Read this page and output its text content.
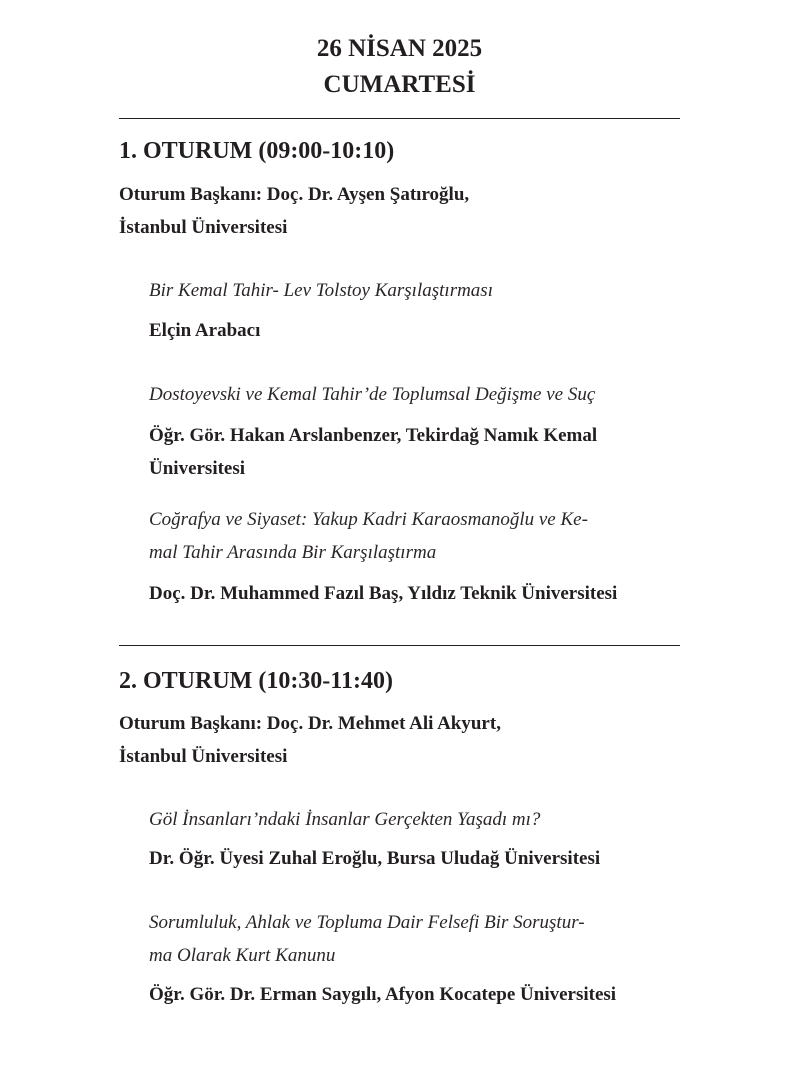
26 NİSAN 2025
CUMARTESİ
1. OTURUM (09:00-10:10)
Oturum Başkanı: Doç. Dr. Ayşen Şatıroğlu,
İstanbul Üniversitesi
Bir Kemal Tahir- Lev Tolstoy Karşılaştırması
Elçin Arabacı
Dostoyevski ve Kemal Tahir’de Toplumsal Değişme ve Suç
Öğr. Gör. Hakan Arslanbenzer, Tekirdağ Namık Kemal
Üniversitesi
Coğrafya ve Siyaset: Yakup Kadri Karaosmanoğlu ve Ke-
mal Tahir Arasında Bir Karşılaştırma
Doç. Dr. Muhammed Fazıl Baş, Yıldız Teknik Üniversitesi
2. OTURUM (10:30-11:40)
Oturum Başkanı: Doç. Dr. Mehmet Ali Akyurt,
İstanbul Üniversitesi
Göl İnsanları’ndaki İnsanlar Gerçekten Yaşadı mı?
Dr. Öğr. Üyesi Zuhal Eroğlu, Bursa Uludağ Üniversitesi
Sorumluluk, Ahlak ve Topluma Dair Felsefi Bir Soruştur-
ma Olarak Kurt Kanunu
Öğr. Gör. Dr. Erman Saygılı, Afyon Kocatepe Üniversitesi
